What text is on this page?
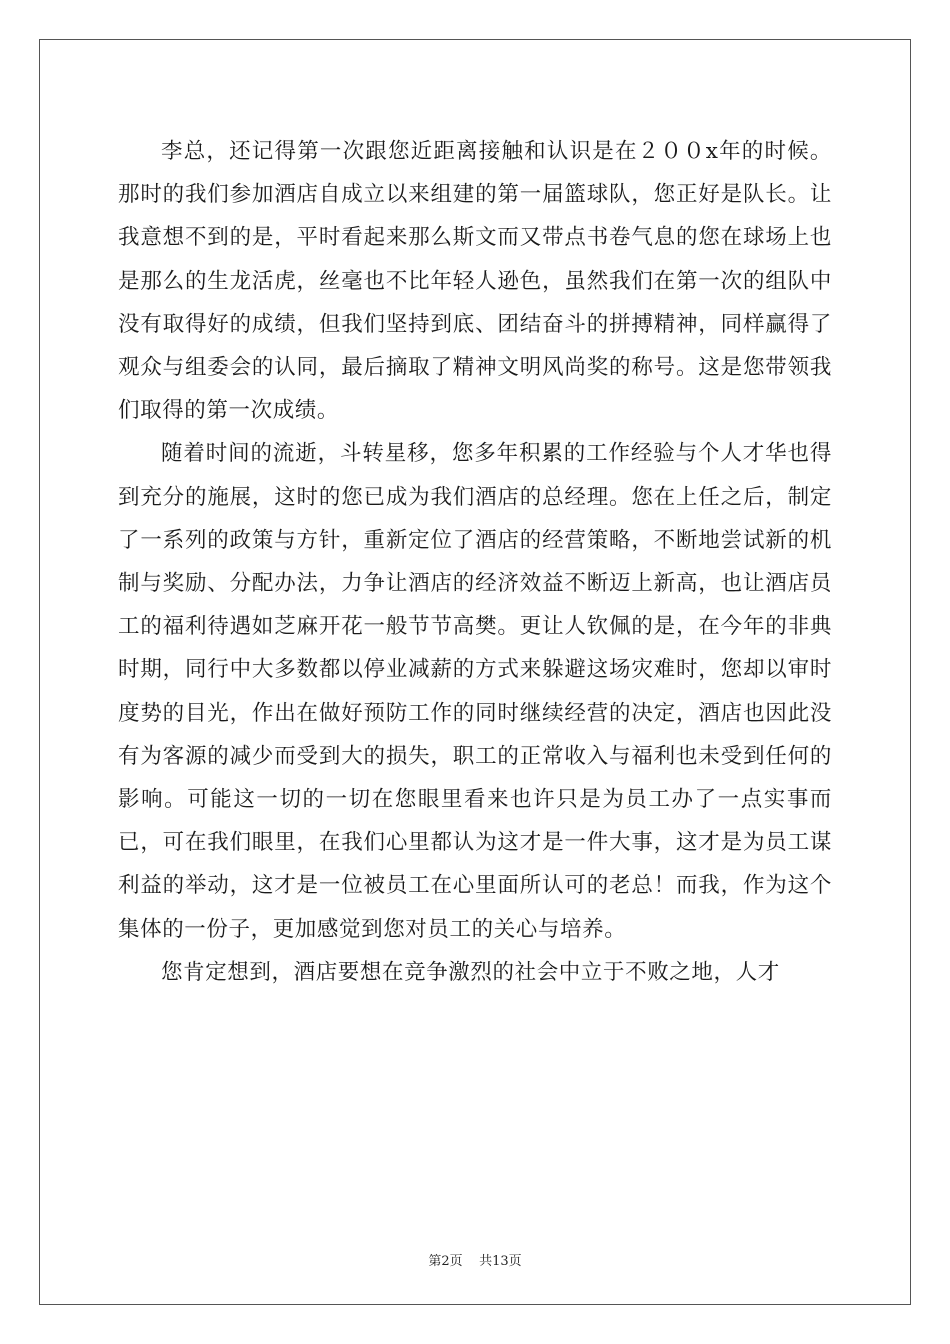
李总，还记得第一次跟您近距离接触和认识是在２００x年的时候。那时的我们参加酒店自成立以来组建的第一届篮球队，您正好是队长。让我意想不到的是，平时看起来那么斯文而又带点书卷气息的您在球场上也是那么的生龙活虎，丝毫也不比年轻人逊色，虽然我们在第一次的组队中没有取得好的成绩，但我们坚持到底、团结奋斗的拼搏精神，同样赢得了观众与组委会的认同，最后摘取了精神文明风尚奖的称号。这是您带领我们取得的第一次成绩。

随着时间的流逝，斗转星移，您多年积累的工作经验与个人才华也得到充分的施展，这时的您已成为我们酒店的总经理。您在上任之后，制定了一系列的政策与方针，重新定位了酒店的经营策略，不断地尝试新的机制与奖励、分配办法，力争让酒店的经济效益不断迈上新高，也让酒店员工的福利待遇如芝麻开花一般节节高樊。更让人钦佩的是，在今年的非典时期，同行中大多数都以停业减薪的方式来躲避这场灾难时，您却以审时度势的目光，作出在做好预防工作的同时继续经营的决定，酒店也因此没有为客源的减少而受到大的损失，职工的正常收入与福利也未受到任何的影响。可能这一切的一切在您眼里看来也许只是为员工办了一点实事而已，可在我们眼里，在我们心里都认为这才是一件大事，这才是为员工谋利益的举动，这才是一位被员工在心里面所认可的老总！而我，作为这个集体的一份子，更加感觉到您对员工的关心与培养。

您肯定想到，酒店要想在竞争激烈的社会中立于不败之地，人才

第2页 共13页
